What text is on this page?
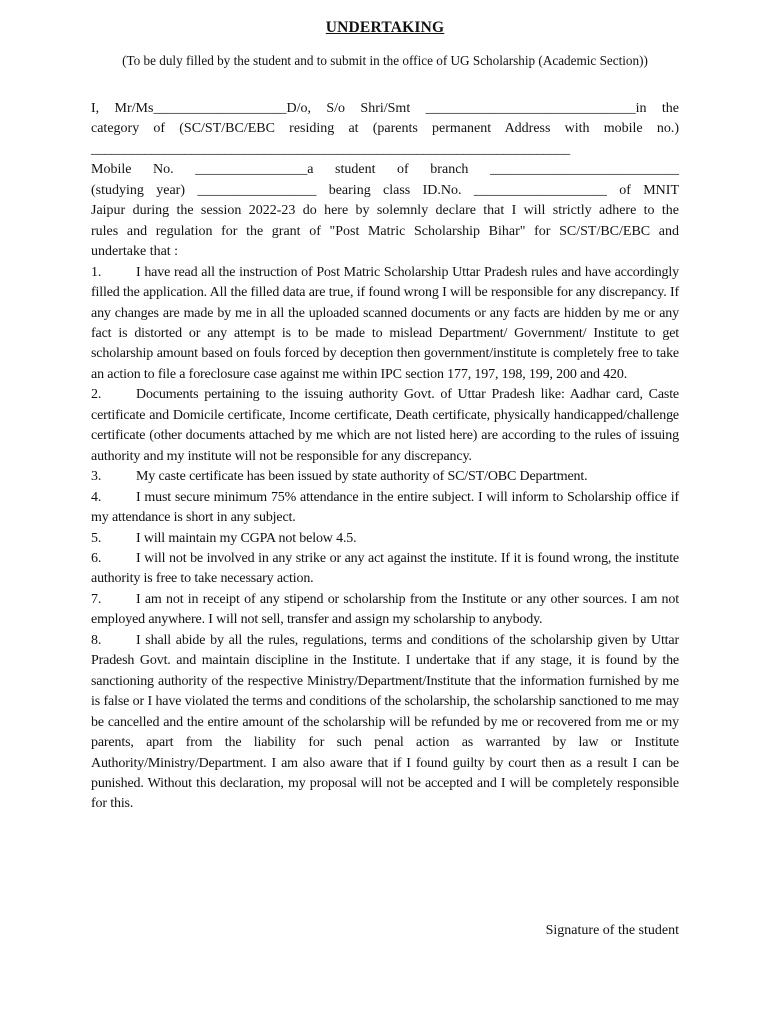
UNDERTAKING
(To be duly filled by the student and to submit in the office of UG Scholarship (Academic Section))

I, Mr/Ms___________________D/o, S/o Shri/Smt ______________________________in the

category of (SC/ST/BC/EBC residing at (parents permanent Address with mobile no.)

________________________________________________________________________

Mobile No. ________________a student of branch ___________________________

(studying year) _________________ bearing class ID.No. ___________________ of MNIT

Jaipur during the session 2022-23 do here by solemnly declare that I will strictly adhere to the

rules and regulation for the grant of "Post Matric Scholarship Bihar" for SC/ST/BC/EBC and

undertake that :

1. I have read all the instruction of Post Matric Scholarship Uttar Pradesh rules and have accordingly filled the application. All the filled data are true, if found wrong I will be responsible for any discrepancy. If any changes are made by me in all the uploaded scanned documents or any facts are hidden by me or any fact is distorted or any attempt is to be made to mislead Department/ Government/ Institute to get scholarship amount based on fouls forced by deception then government/institute is completely free to take an action to file a foreclosure case against me within IPC section 177, 197, 198, 199, 200 and 420.

2. Documents pertaining to the issuing authority Govt. of Uttar Pradesh like: Aadhar card, Caste certificate and Domicile certificate, Income certificate, Death certificate, physically handicapped/challenge certificate (other documents attached by me which are not listed here) are according to the rules of issuing authority and my institute will not be responsible for any discrepancy.

3. My caste certificate has been issued by state authority of SC/ST/OBC Department.

4. I must secure minimum 75% attendance in the entire subject. I will inform to Scholarship office if my attendance is short in any subject.

5. I will maintain my CGPA not below 4.5.

6. I will not be involved in any strike or any act against the institute. If it is found wrong, the institute authority is free to take necessary action.

7. I am not in receipt of any stipend or scholarship from the Institute or any other sources. I am not employed anywhere. I will not sell, transfer and assign my scholarship to anybody.

8. I shall abide by all the rules, regulations, terms and conditions of the scholarship given by Uttar Pradesh Govt. and maintain discipline in the Institute. I undertake that if any stage, it is found by the sanctioning authority of the respective Ministry/Department/Institute that the information furnished by me is false or I have violated the terms and conditions of the scholarship, the scholarship sanctioned to me may be cancelled and the entire amount of the scholarship will be refunded by me or recovered from me or my parents, apart from the liability for such penal action as warranted by law or Institute Authority/Ministry/Department. I am also aware that if I found guilty by court then as a result I can be punished. Without this declaration, my proposal will not be accepted and I will be completely responsible for this.

Signature of the student
